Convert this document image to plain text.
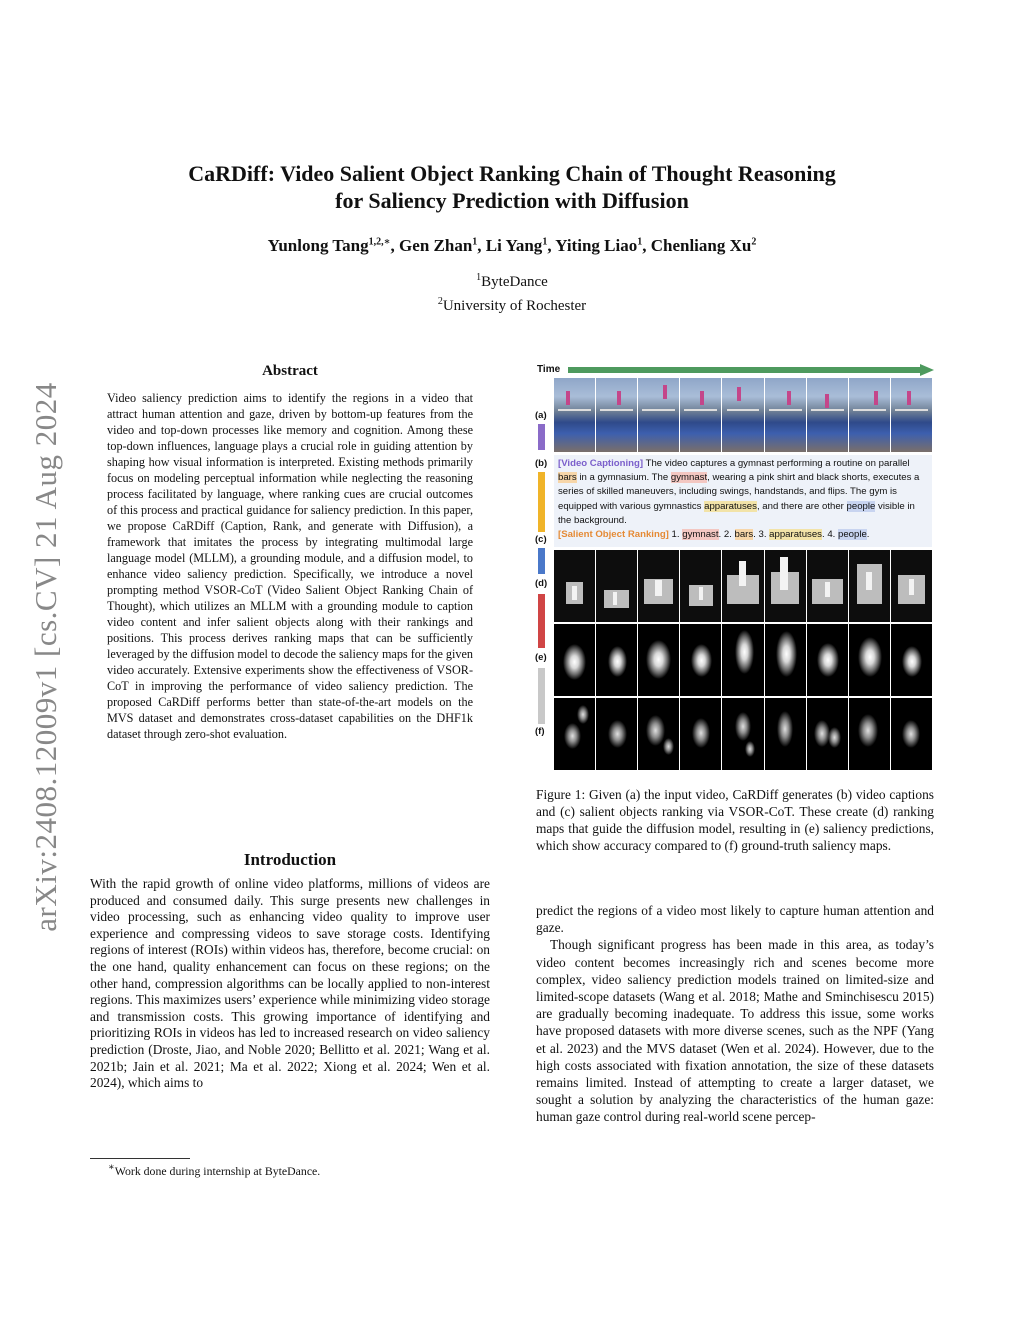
arXiv:2408.12009v1 [cs.CV] 21 Aug 2024
CaRDiff: Video Salient Object Ranking Chain of Thought Reasoning
for Saliency Prediction with Diffusion
Yunlong Tang$^{1,2,∗}$, Gen Zhan$^1$, Li Yang$^1$, Yiting Liao$^1$, Chenliang Xu$^2$
$^1$ByteDance
$^2$University of Rochester
Abstract
Video saliency prediction aims to identify the regions in a video that attract human attention and gaze, driven by bottom-up features from the video and top-down processes like memory and cognition. Among these top-down influences, language plays a crucial role in guiding attention by shaping how visual information is interpreted. Existing methods primarily focus on modeling perceptual information while neglecting the reasoning process facilitated by language, where ranking cues are crucial outcomes of this process and practical guidance for saliency prediction. In this paper, we propose CaRDiff (Caption, Rank, and generate with Diffusion), a framework that imitates the process by integrating multimodal large language model (MLLM), a grounding module, and a diffusion model, to enhance video saliency prediction. Specifically, we introduce a novel prompting method VSOR-CoT (Video Salient Object Ranking Chain of Thought), which utilizes an MLLM with a grounding module to caption video content and infer salient objects along with their rankings and positions. This process derives ranking maps that can be sufficiently leveraged by the diffusion model to decode the saliency maps for the given video accurately. Extensive experiments show the effectiveness of VSOR-CoT in improving the performance of video saliency prediction. The proposed CaRDiff performs better than state-of-the-art models on the MVS dataset and demonstrates cross-dataset capabilities on the DHF1k dataset through zero-shot evaluation.
Introduction
With the rapid growth of online video platforms, millions of videos are produced and consumed daily. This surge presents new challenges in video processing, such as enhancing video quality to improve user experience and compressing videos to save storage costs. Identifying regions of interest (ROIs) within videos has, therefore, become crucial: on the one hand, quality enhancement can focus on these regions; on the other hand, compression algorithms can be locally applied to non-interest regions. This maximizes users’ experience while minimizing video storage and transmission costs. This growing importance of identifying and prioritizing ROIs in videos has led to increased research on video saliency prediction (Droste, Jiao, and Noble 2020; Bellitto et al. 2021; Wang et al. 2021b; Jain et al. 2021; Ma et al. 2022; Xiong et al. 2024; Wen et al. 2024), which aims to
∗Work done during internship at ByteDance.
Time
(a)
(b)	[Video Captioning] The video captures a gymnast performing a routine on parallel bars in a gymnasium. The gymnast, wearing a pink shirt and black shorts, executes a series of skilled maneuvers, including swings, handstands, and flips. The gym is equipped with various gymnastics apparatuses, and there are other people visible in the background.
[Salient Object Ranking] 1. gymnast. 2. bars. 3. apparatuses. 4. people.
(c)
(d)
(e)
(f)
Figure 1: Given (a) the input video, CaRDiff generates (b) video captions and (c) salient objects ranking via VSOR-CoT. These create (d) ranking maps that guide the diffusion model, resulting in (e) saliency predictions, which show accuracy compared to (f) ground-truth saliency maps.

predict the regions of a video most likely to capture human attention and gaze.

Though significant progress has been made in this area, as today’s video content becomes increasingly rich and scenes become more complex, video saliency prediction models trained on limited-size and limited-scope datasets (Wang et al. 2018; Mathe and Sminchisescu 2015) are gradually becoming inadequate. To address this issue, some works have proposed datasets with more diverse scenes, such as the NPF (Yang et al. 2023) and the MVS dataset (Wen et al. 2024). However, due to the high costs associated with fixation annotation, the size of these datasets remains limited. Instead of attempting to create a larger dataset, we sought a solution by analyzing the characteristics of the human gaze: human gaze control during real-world scene percep-
